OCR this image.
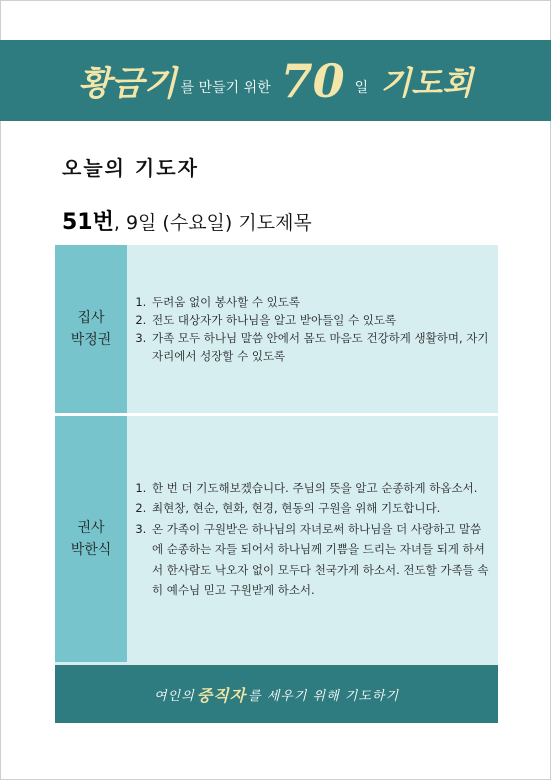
황금기 를 만들기 위한 70 일 기도회
오늘의 기도자
51번, 9일 (수요일) 기도제목
집사
박정권
1. 두려움 없이 봉사할 수 있도록
2. 전도 대상자가 하나님을 알고 받아들일 수 있도록
3. 가족 모두 하나님 말씀 안에서 몸도 마음도 건강하게 생활하며, 자기 자리에서 성장할 수 있도록
권사
박한식
1. 한 번 더 기도해보겠습니다. 주님의 뜻을 알고 순종하게 하옵소서.
2. 최현창, 현순, 현화, 현경, 현동의 구원을 위해 기도합니다.
3. 온 가족이 구원받은 하나님의 자녀로써 하나님을 더 사랑하고 말씀에 순종하는 자들 되어서 하나님께 기쁨을 드리는 자녀들 되게 하셔서 한사람도 낙오자 없이 모두다 천국가게 하소서. 전도할 가족들 속히 예수님 믿고 구원받게 하소서.
여인의 중직자 를 세우기 위해 기도하기
